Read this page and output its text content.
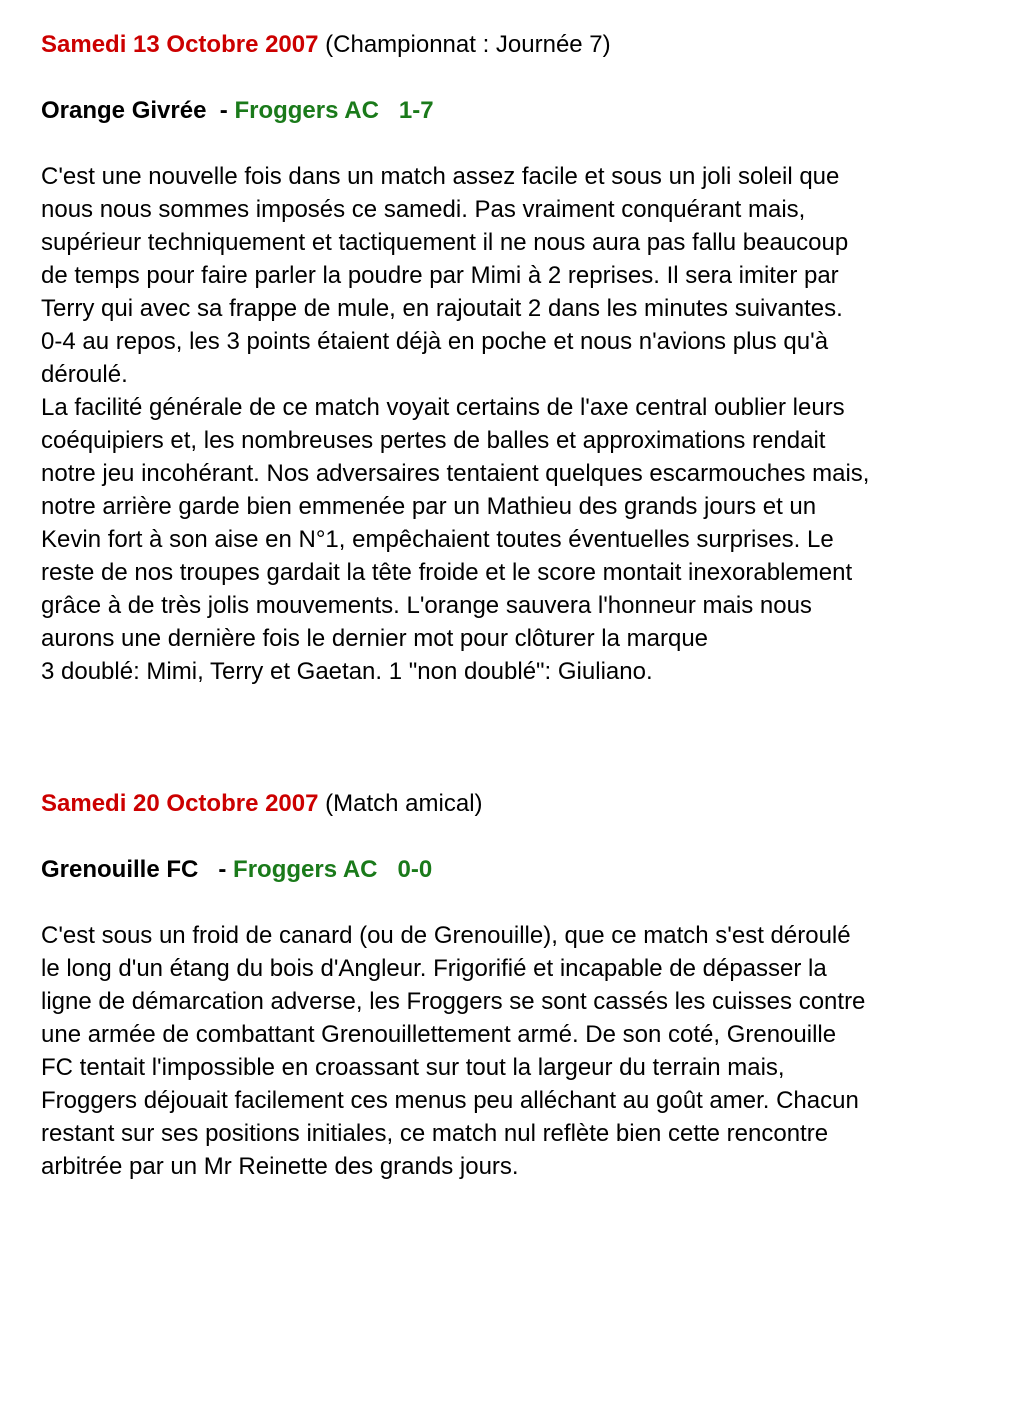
Samedi 13 Octobre 2007 (Championnat : Journée 7)

Orange Givrée - Froggers AC 1-7

C'est une nouvelle fois dans un match assez facile et sous un joli soleil que
nous nous sommes imposés ce samedi. Pas vraiment conquérant mais,
supérieur techniquement et tactiquement il ne nous aura pas fallu beaucoup
de temps pour faire parler la poudre par Mimi à 2 reprises. Il sera imiter par
Terry qui avec sa frappe de mule, en rajoutait 2 dans les minutes suivantes.
0-4 au repos, les 3 points étaient déjà en poche et nous n'avions plus qu'à
déroulé.
La facilité générale de ce match voyait certains de l'axe central oublier leurs
coéquipiers et, les nombreuses pertes de balles et approximations rendait
notre jeu incohérant. Nos adversaires tentaient quelques escarmouches mais,
notre arrière garde bien emmenée par un Mathieu des grands jours et un
Kevin fort à son aise en N°1, empêchaient toutes éventuelles surprises. Le
reste de nos troupes gardait la tête froide et le score montait inexorablement
grâce à de très jolis mouvements. L'orange sauvera l'honneur mais nous
aurons une dernière fois le dernier mot pour clôturer la marque
3 doublé: Mimi, Terry et Gaetan. 1 "non doublé": Giuliano.

Samedi 20 Octobre 2007 (Match amical)

Grenouille FC - Froggers AC 0-0

C'est sous un froid de canard (ou de Grenouille), que ce match s'est déroulé
le long d'un étang du bois d'Angleur. Frigorifié et incapable de dépasser la
ligne de démarcation adverse, les Froggers se sont cassés les cuisses contre
une armée de combattant Grenouillettement armé. De son coté, Grenouille
FC tentait l'impossible en croassant sur tout la largeur du terrain mais,
Froggers déjouait facilement ces menus peu alléchant au goût amer. Chacun
restant sur ses positions initiales, ce match nul reflète bien cette rencontre
arbitrée par un Mr Reinette des grands jours.
